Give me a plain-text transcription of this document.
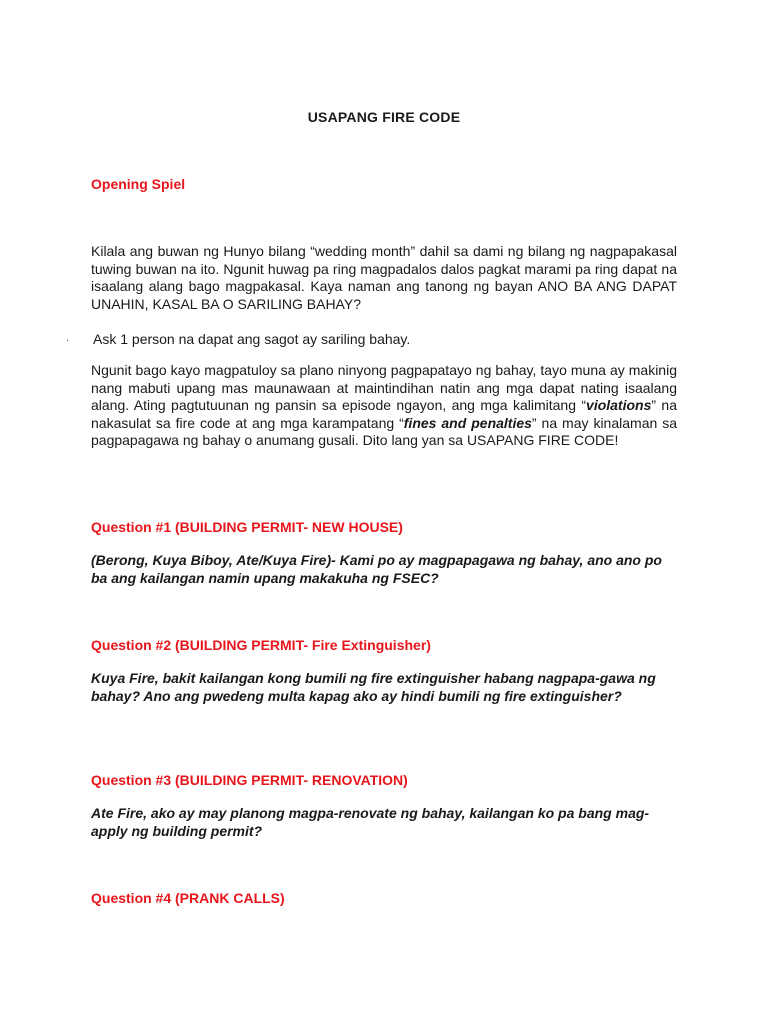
USAPANG FIRE CODE
Opening Spiel
Kilala ang buwan ng Hunyo bilang “wedding month” dahil sa dami ng bilang ng nagpapakasal tuwing buwan na ito. Ngunit huwag pa ring magpadalos dalos pagkat marami pa ring dapat na isaalang alang bago magpakasal. Kaya naman ang tanong ng bayan ANO BA ANG DAPAT UNAHIN, KASAL BA O SARILING BAHAY?
· Ask 1 person na dapat ang sagot ay sariling bahay.
Ngunit bago kayo magpatuloy sa plano ninyong pagpapatayo ng bahay, tayo muna ay makinig nang mabuti upang mas maunawaan at maintindihan natin ang mga dapat nating isaalang alang. Ating pagtutuunan ng pansin sa episode ngayon, ang mga kalimitang “violations” na nakasulat sa fire code at ang mga karampatang “fines and penalties” na may kinalaman sa pagpapagawa ng bahay o anumang gusali. Dito lang yan sa USAPANG FIRE CODE!
Question #1 (BUILDING PERMIT- NEW HOUSE)
(Berong, Kuya Biboy, Ate/Kuya Fire)- Kami po ay magpapagawa ng bahay, ano ano po ba ang kailangan namin upang makakuha ng FSEC?
Question #2 (BUILDING PERMIT- Fire Extinguisher)
Kuya Fire, bakit kailangan kong bumili ng fire extinguisher habang nagpapa-gawa ng bahay? Ano ang pwedeng multa kapag ako ay hindi bumili ng fire extinguisher?
Question #3 (BUILDING PERMIT- RENOVATION)
Ate Fire, ako ay may planong magpa-renovate ng bahay, kailangan ko pa bang mag-apply ng building permit?
Question #4 (PRANK CALLS)
